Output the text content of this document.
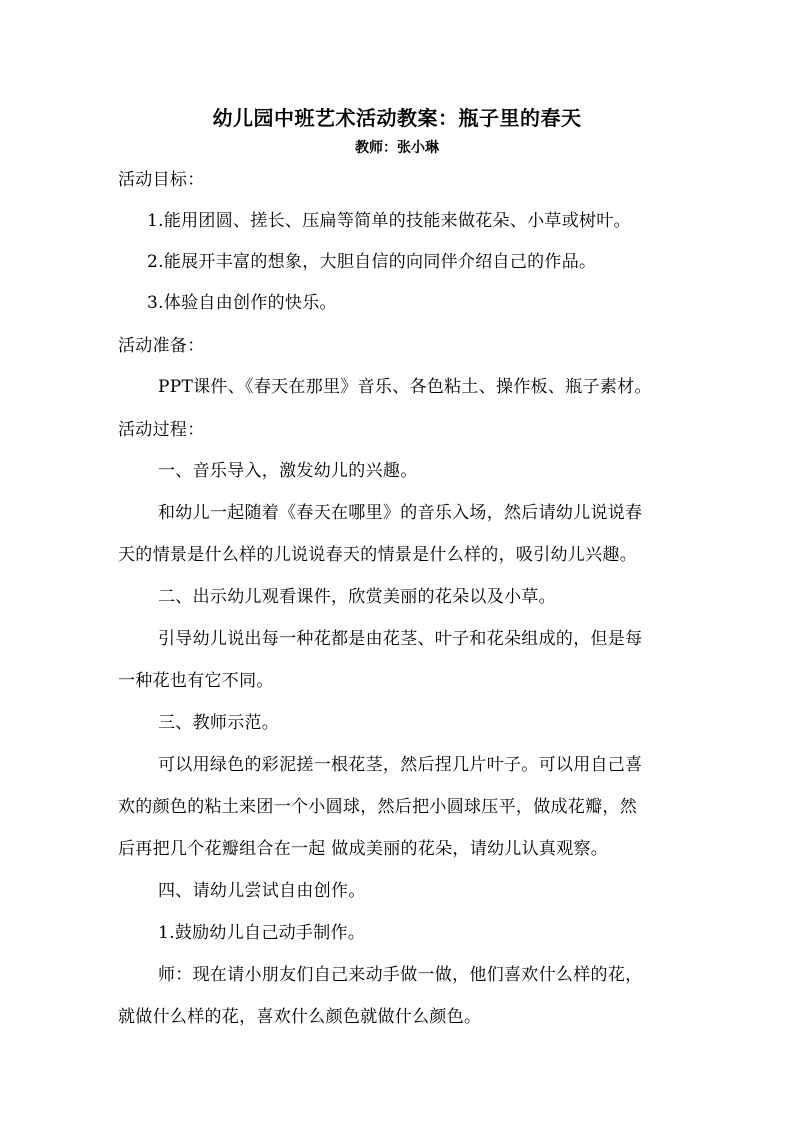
幼儿园中班艺术活动教案：瓶子里的春天
教师：张小琳
活动目标：
1.能用团圆、搓长、压扁等简单的技能来做花朵、小草或树叶。
2.能展开丰富的想象，大胆自信的向同伴介绍自己的作品。
3.体验自由创作的快乐。
活动准备：
PPT课件、《春天在那里》音乐、各色粘土、操作板、瓶子素材。
活动过程：
一、音乐导入，激发幼儿的兴趣。
和幼儿一起随着《春天在哪里》的音乐入场，然后请幼儿说说春
天的情景是什么样的儿说说春天的情景是什么样的，吸引幼儿兴趣。
二、出示幼儿观看课件，欣赏美丽的花朵以及小草。
引导幼儿说出每一种花都是由花茎、叶子和花朵组成的，但是每
一种花也有它不同。
三、教师示范。
可以用绿色的彩泥搓一根花茎，然后捏几片叶子。可以用自己喜
欢的颜色的粘土来团一个小圆球，然后把小圆球压平，做成花瓣，然
后再把几个花瓣组合在一起 做成美丽的花朵，请幼儿认真观察。
四、请幼儿尝试自由创作。
1.鼓励幼儿自己动手制作。
师：现在请小朋友们自己来动手做一做，他们喜欢什么样的花，
就做什么样的花，喜欢什么颜色就做什么颜色。
